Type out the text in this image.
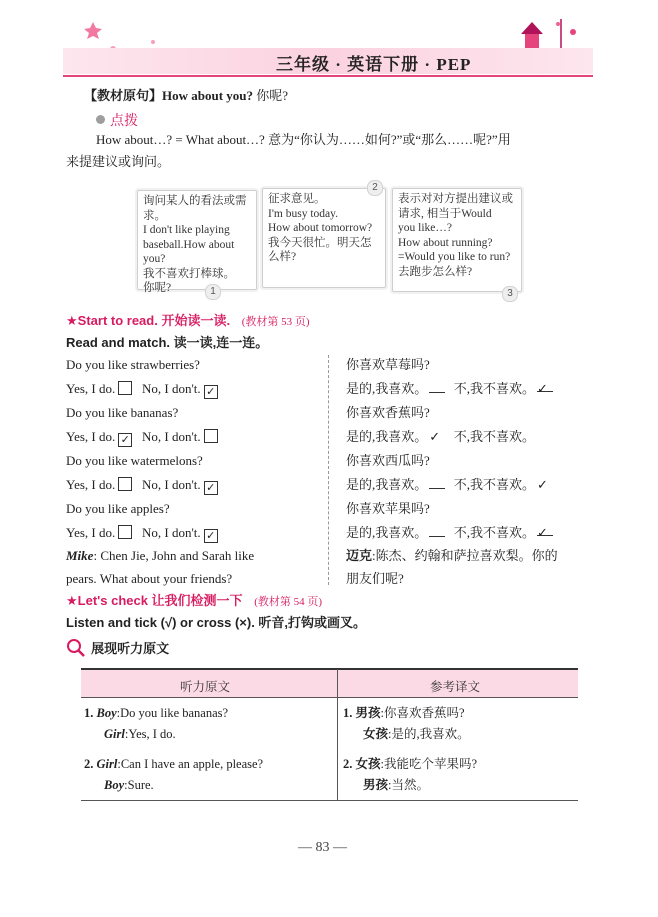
三年级 · 英语下册 · PEP
【教材原句】How about you? 你呢?
点拨
How about…? = What about…? 意为“你认为……如何?”或“那么……呢?”用
来提建议或询问。
询问某人的看法或需求。
I don't like playing
baseball.How about
you?
我不喜欢打棒球。
你呢?	1
征求意见。
I'm busy today.
How about tomorrow?
我今天很忙。明天怎
么样?
2
表示对对方提出建议或
请求, 相当于Would
you like…?
How about running?
=Would you like to run?
去跑步怎么样?
3
★Start to read. 开始读一读. (教材第 53 页)
Read and match. 读一读,连一连。
Do you like strawberries?
Yes, I do. No, I don't. ✓
Do you like bananas?
Yes, I do. ✓ No, I don't.
Do you like watermelons?
Yes, I do. No, I don't. ✓
Do you like apples?
Yes, I do. No, I don't. ✓
你喜欢草莓吗?
是的,我喜欢。 不,我不喜欢。 ✓
你喜欢香蕉吗?
是的,我喜欢。 ✓ 不,我不喜欢。
你喜欢西瓜吗?
是的,我喜欢。 不,我不喜欢。 ✓
你喜欢苹果吗?
是的,我喜欢。 不,我不喜欢。 ✓
Mike: Chen Jie, John and Sarah like
pears. What about your friends?
迈克:陈杰、约翰和萨拉喜欢梨。你的
朋友们呢?
★Let's check 让我们检测一下 (教材第 54 页)
Listen and tick (√) or cross (×). 听音,打钩或画叉。
展现听力原文
听力原文	参考译文
1. Boy:Do you like bananas?
Girl:Yes, I do.
1. 男孩:你喜欢香蕉吗?
女孩:是的,我喜欢。
2. Girl:Can I have an apple, please?
Boy:Sure.
2. 女孩:我能吃个苹果吗?
男孩:当然。
— 83 —
